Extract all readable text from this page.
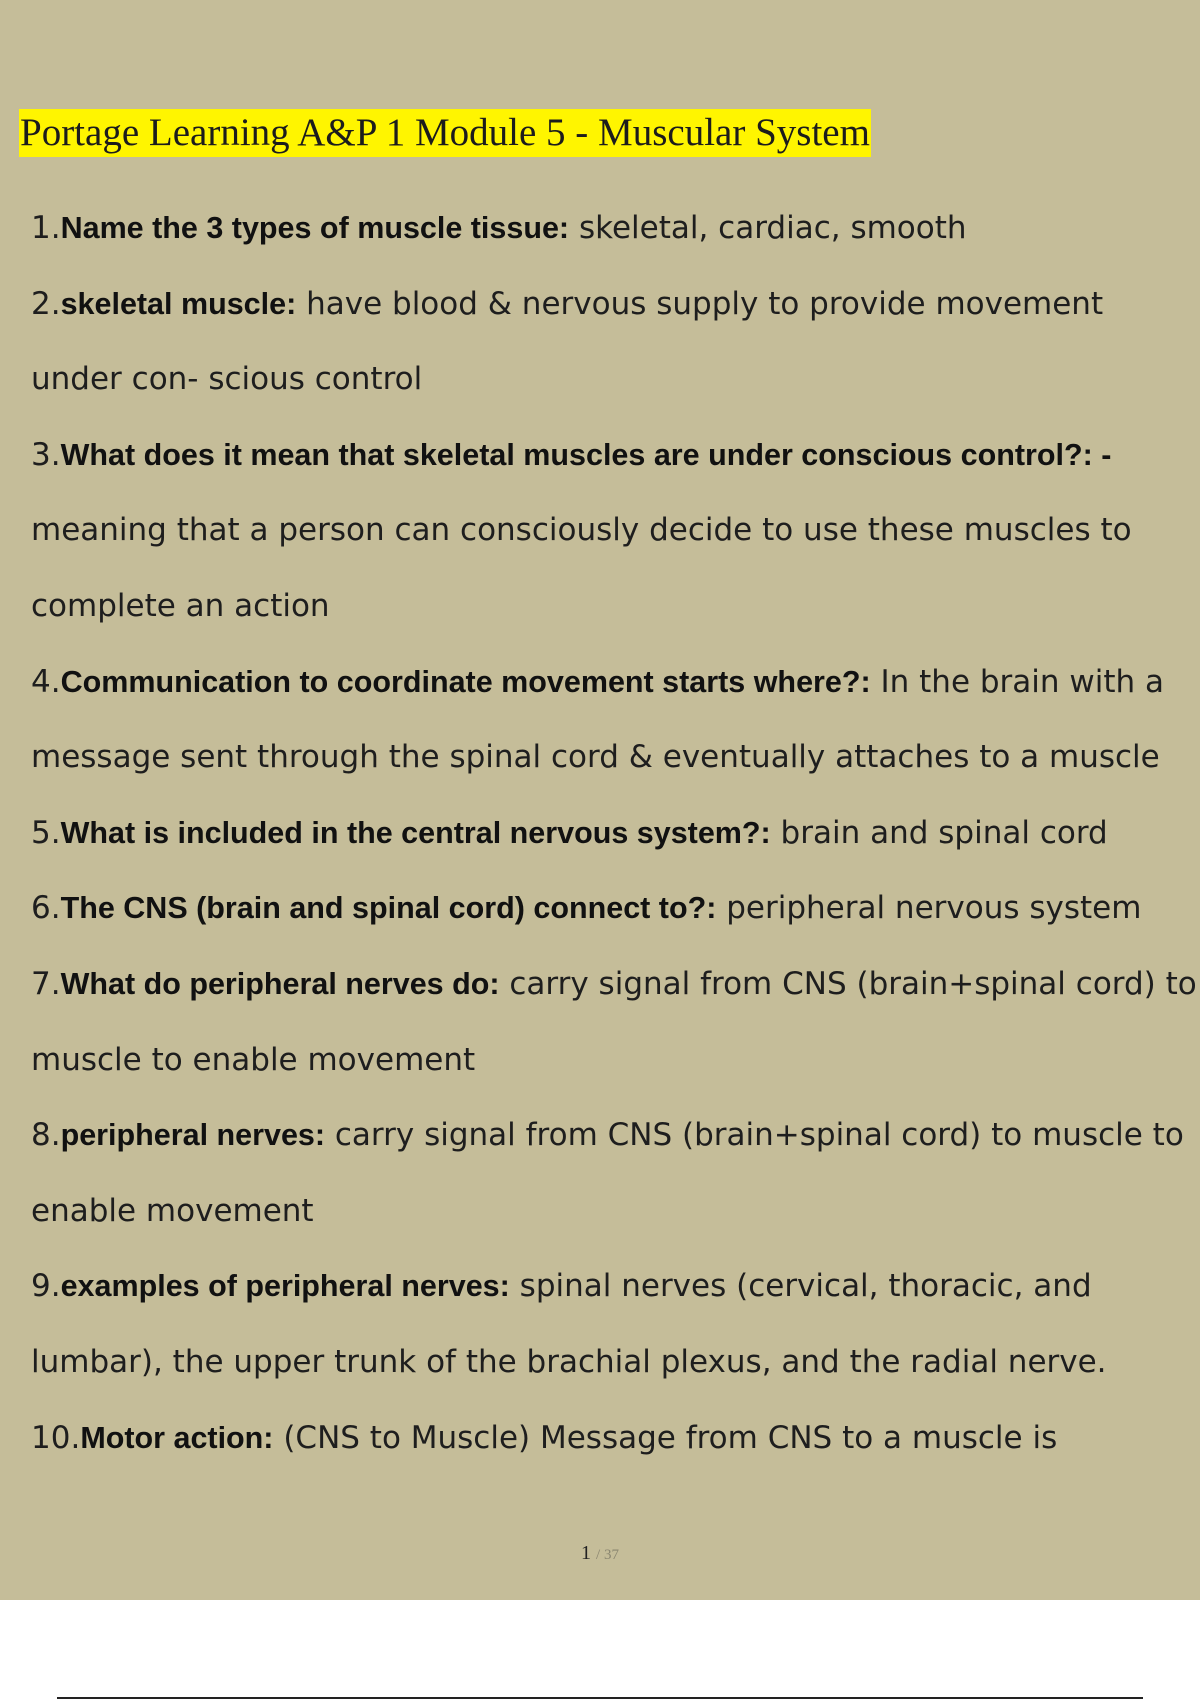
Portage Learning A&P 1 Module 5 - Muscular System

1.Name the 3 types of muscle tissue: skeletal, cardiac, smooth

2.skeletal muscle: have blood & nervous supply to provide movement under con- scious control

3.What does it mean that skeletal muscles are under conscious control?: - meaning that a person can consciously decide to use these muscles to complete an action

4.Communication to coordinate movement starts where?: In the brain with a message sent through the spinal cord & eventually attaches to a muscle

5.What is included in the central nervous system?: brain and spinal cord

6.The CNS (brain and spinal cord) connect to?: peripheral nervous system

7.What do peripheral nerves do: carry signal from CNS (brain+spinal cord) to muscle to enable movement

8.peripheral nerves: carry signal from CNS (brain+spinal cord) to muscle to enable movement

9.examples of peripheral nerves: spinal nerves (cervical, thoracic, and lumbar), the upper trunk of the brachial plexus, and the radial nerve.

10.Motor action: (CNS to Muscle) Message from CNS to a muscle is

1 / 37
